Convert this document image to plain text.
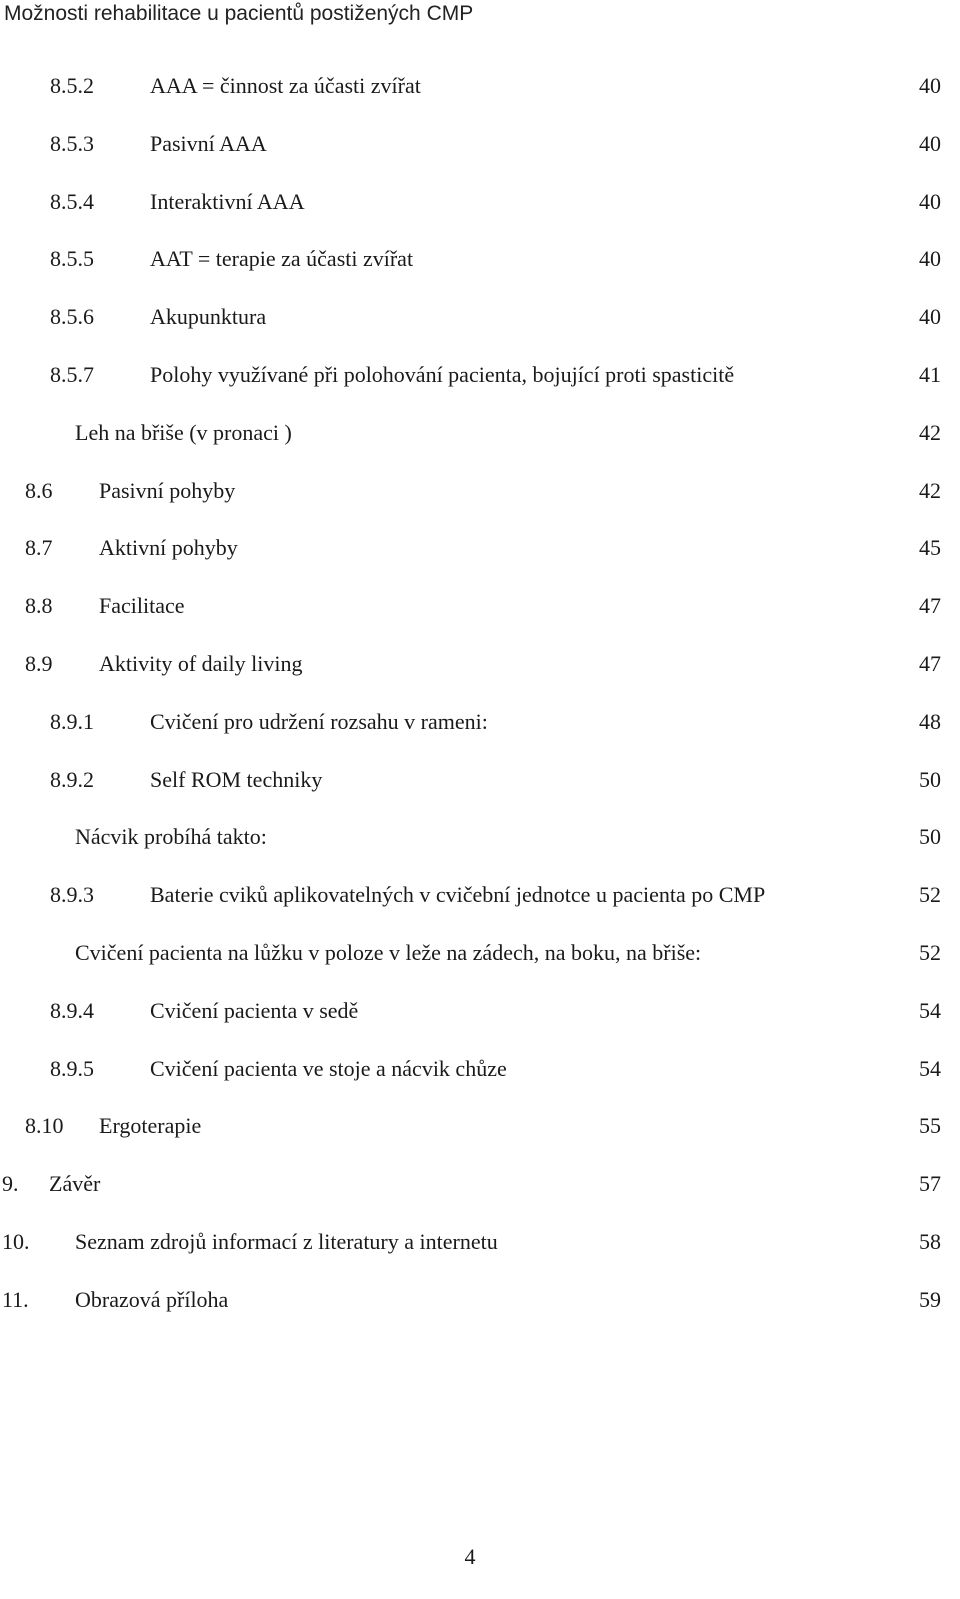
Možnosti rehabilitace u pacientů postižených CMP
8.5.2	AAA = činnost za účasti zvířat	40
8.5.3	Pasivní AAA	40
8.5.4	Interaktivní AAA	40
8.5.5	AAT = terapie za účasti zvířat	40
8.5.6	Akupunktura	40
8.5.7	Polohy využívané při polohování pacienta, bojující proti spasticitě	41
Leh na břiše (v pronaci )	42
8.6 Pasivní pohyby	42
8.7 Aktivní pohyby	45
8.8 Facilitace	47
8.9 Aktivity of daily living	47
8.9.1	Cvičení pro udržení rozsahu v rameni:	48
8.9.2	Self ROM techniky	50
Nácvik probíhá takto:	50
8.9.3	Baterie cviků aplikovatelných v cvičební jednotce u pacienta po CMP	52
Cvičení pacienta na lůžku v poloze v leže na zádech, na boku, na břiše:	52
8.9.4	Cvičení pacienta v sedě	54
8.9.5	Cvičení pacienta ve stoje a nácvik chůze	54
8.10 Ergoterapie	55
9. Závěr	57
10. Seznam zdrojů informací z literatury a internetu	58
11. Obrazová příloha	59
4
